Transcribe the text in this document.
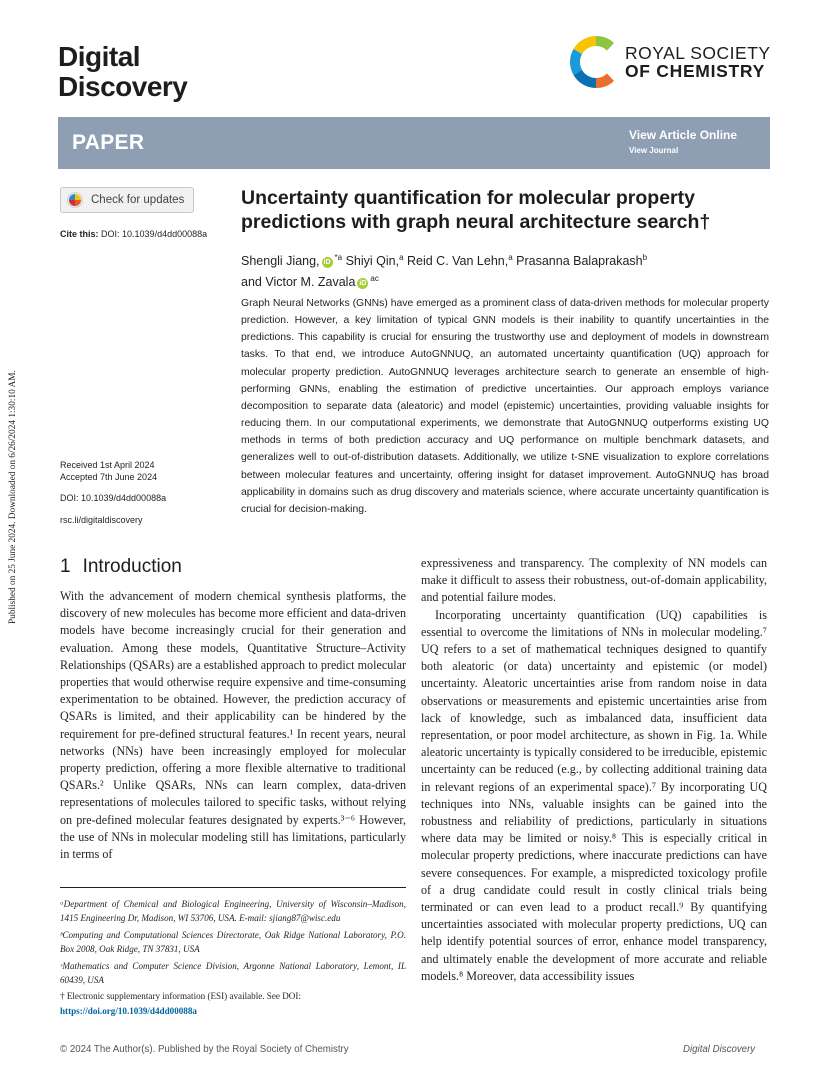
Digital
Discovery
ROYAL SOCIETY
OF CHEMISTRY
PAPER	View Article Online
View Journal
Check for updates
Cite this: DOI: 10.1039/d4dd00088a
Uncertainty quantification for molecular property predictions with graph neural architecture search†
Shengli Jiang, $iD^{*a}$ Shiyi Qin,$^a$ Reid C. Van Lehn,$^a$ Prasanna Balaprakash$^b$
and Victor M. Zavala $iD^{ac}$
Graph Neural Networks (GNNs) have emerged as a prominent class of data-driven methods for molecular property prediction. However, a key limitation of typical GNN models is their inability to quantify uncertainties in the predictions. This capability is crucial for ensuring the trustworthy use and deployment of models in downstream tasks. To that end, we introduce AutoGNNUQ, an automated uncertainty quantification (UQ) approach for molecular property prediction. AutoGNNUQ leverages architecture search to generate an ensemble of high-performing GNNs, enabling the estimation of predictive uncertainties. Our approach employs variance decomposition to separate data (aleatoric) and model (epistemic) uncertainties, providing valuable insights for reducing them. In our computational experiments, we demonstrate that AutoGNNUQ outperforms existing UQ methods in terms of both prediction accuracy and UQ performance on multiple benchmark datasets, and generalizes well to out-of-distribution datasets. Additionally, we utilize t-SNE visualization to explore correlations between molecular features and uncertainty, offering insight for dataset improvement. AutoGNNUQ has broad applicability in domains such as drug discovery and materials science, where accurate uncertainty quantification is crucial for decision-making.
Received 1st April 2024
Accepted 7th June 2024
DOI: 10.1039/d4dd00088a
rsc.li/digitaldiscovery
Published on 25 June 2024. Downloaded on 6/26/2024 1:30:10 AM. 1 Introduction

With the advancement of modern chemical synthesis platforms, the discovery of new molecules has become more efficient and data-driven models have become increasingly crucial for their generation and evaluation. Among these models, Quantitative Structure–Activity Relationships (QSARs) are a established approach to predict molecular properties that would otherwise require expensive and time-consuming experimentation to be obtained. However, the prediction accuracy of QSARs is limited, and their applicability can be hindered by the requirement for pre-defined structural features.¹ In recent years, neural networks (NNs) have been increasingly employed for molecular property prediction, offering a more flexible alternative to traditional QSARs.² Unlike QSARs, NNs can learn complex, data-driven representations of molecules tailored to specific tasks, without relying on pre-defined molecular features designated by experts.³⁻⁶ However, the use of NNs in molecular modeling still has limitations, particularly in terms of

expressiveness and transparency. The complexity of NN models can make it difficult to assess their robustness, out-of-domain applicability, and potential failure modes.

Incorporating uncertainty quantification (UQ) capabilities is essential to overcome the limitations of NNs in molecular modeling.⁷ UQ refers to a set of mathematical techniques designed to quantify both aleatoric (or data) uncertainty and epistemic (or model) uncertainty. Aleatoric uncertainties arise from random noise in data observations or measurements and epistemic uncertainties arise from lack of knowledge, such as imbalanced data, insufficient data representation, or poor model architecture, as shown in Fig. 1a. While aleatoric uncertainty is typically considered to be irreducible, epistemic uncertainty can be reduced (e.g., by collecting additional training data in relevant regions of an experimental space).⁷ By incorporating UQ techniques into NNs, valuable insights can be gained into the robustness and reliability of predictions, particularly in situations where data may be limited or noisy.⁸ This is especially critical in molecular property predictions, where inaccurate predictions can have severe consequences. For example, a mispredicted toxicology profile of a drug candidate could result in costly clinical trials being terminated or can even lead to a product recall.⁹ By quantifying uncertainties associated with molecular property predictions, UQ can help identify potential sources of error, enhance model transparency, and ultimately enable the development of more accurate and reliable models.⁸ Moreover, data accessibility issues

ᵃDepartment of Chemical and Biological Engineering, University of Wisconsin–Madison, 1415 Engineering Dr, Madison, WI 53706, USA. E-mail: sjiang87@wisc.edu

ᵇComputing and Computational Sciences Directorate, Oak Ridge National Laboratory, P.O. Box 2008, Oak Ridge, TN 37831, USA

ᶜMathematics and Computer Science Division, Argonne National Laboratory, Lemont, IL 60439, USA

† Electronic supplementary information (ESI) available. See DOI:
https://doi.org/10.1039/d4dd00088a

© 2024 The Author(s). Published by the Royal Society of Chemistry	Digital Discovery
